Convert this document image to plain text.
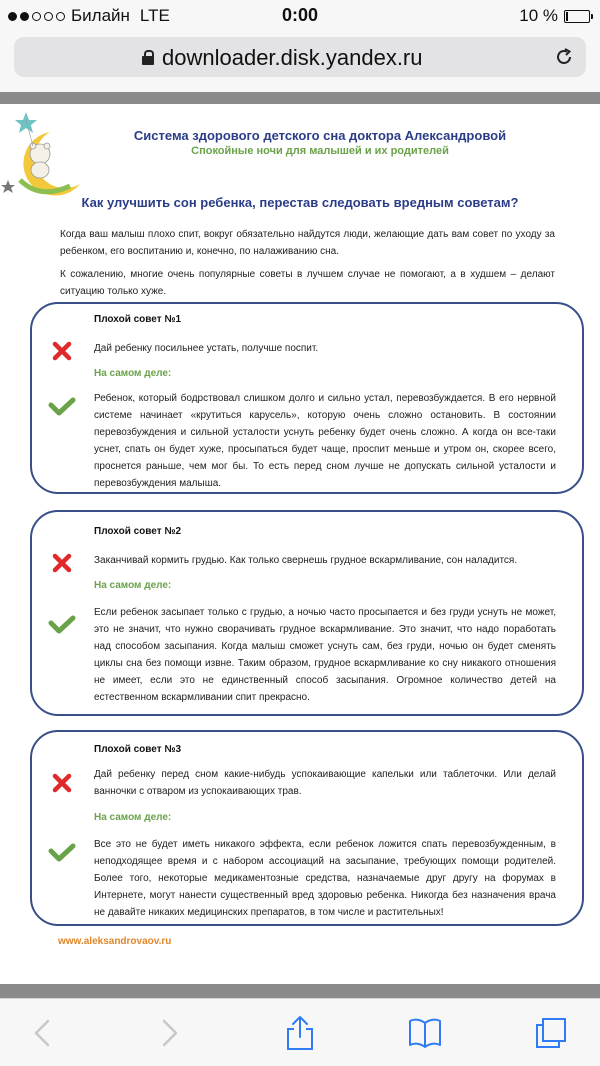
Билайн LTE	0:00	10 %
downloader.disk.yandex.ru
Система здорового детского сна доктора Александровой
Спокойные ночи для малышей и их родителей
Как улучшить сон ребенка, перестав следовать вредным советам?
Когда ваш малыш плохо спит, вокруг обязательно найдутся люди, желающие дать вам совет по уходу за ребенком, его воспитанию и, конечно, по налаживанию сна.
К сожалению, многие очень популярные советы в лучшем случае не помогают, а в худшем – делают ситуацию только хуже.
Плохой совет №1
Дай ребенку посильнее устать, получше поспит.
На самом деле:
Ребенок, который бодрствовал слишком долго и сильно устал, перевозбуждается. В его нервной системе начинает «крутиться карусель», которую очень сложно остановить. В состоянии перевозбуждения и сильной усталости уснуть ребенку будет очень сложно. А когда он все-таки уснет, спать он будет хуже, просыпаться будет чаще, проспит меньше и утром он, скорее всего, проснется раньше, чем мог бы. То есть перед сном лучше не допускать сильной усталости и перевозбуждения малыша.
Плохой совет №2
Заканчивай кормить грудью. Как только свернешь грудное вскармливание, сон наладится.
На самом деле:
Если ребенок засыпает только с грудью, а ночью часто просыпается и без груди уснуть не может, это не значит, что нужно сворачивать грудное вскармливание. Это значит, что надо поработать над способом засыпания. Когда малыш сможет уснуть сам, без груди, ночью он будет сменять циклы сна без помощи извне. Таким образом, грудное вскармливание ко сну никакого отношения не имеет, если это не единственный способ засыпания. Огромное количество детей на естественном вскармливании спит прекрасно.
Плохой совет №3
Дай ребенку перед сном какие-нибудь успокаивающие капельки или таблеточки. Или делай ванночки с отваром из успокаивающих трав.
На самом деле:
Все это не будет иметь никакого эффекта, если ребенок ложится спать перевозбужденным, в неподходящее время и с набором ассоциаций на засыпание, требующих помощи родителей. Более того, некоторые медикаментозные средства, назначаемые друг другу на форумах в Интернете, могут нанести существенный вред здоровью ребенка. Никогда без назначения врача не давайте никаких медицинских препаратов, в том числе и растительных!
www.aleksandrovaov.ru
